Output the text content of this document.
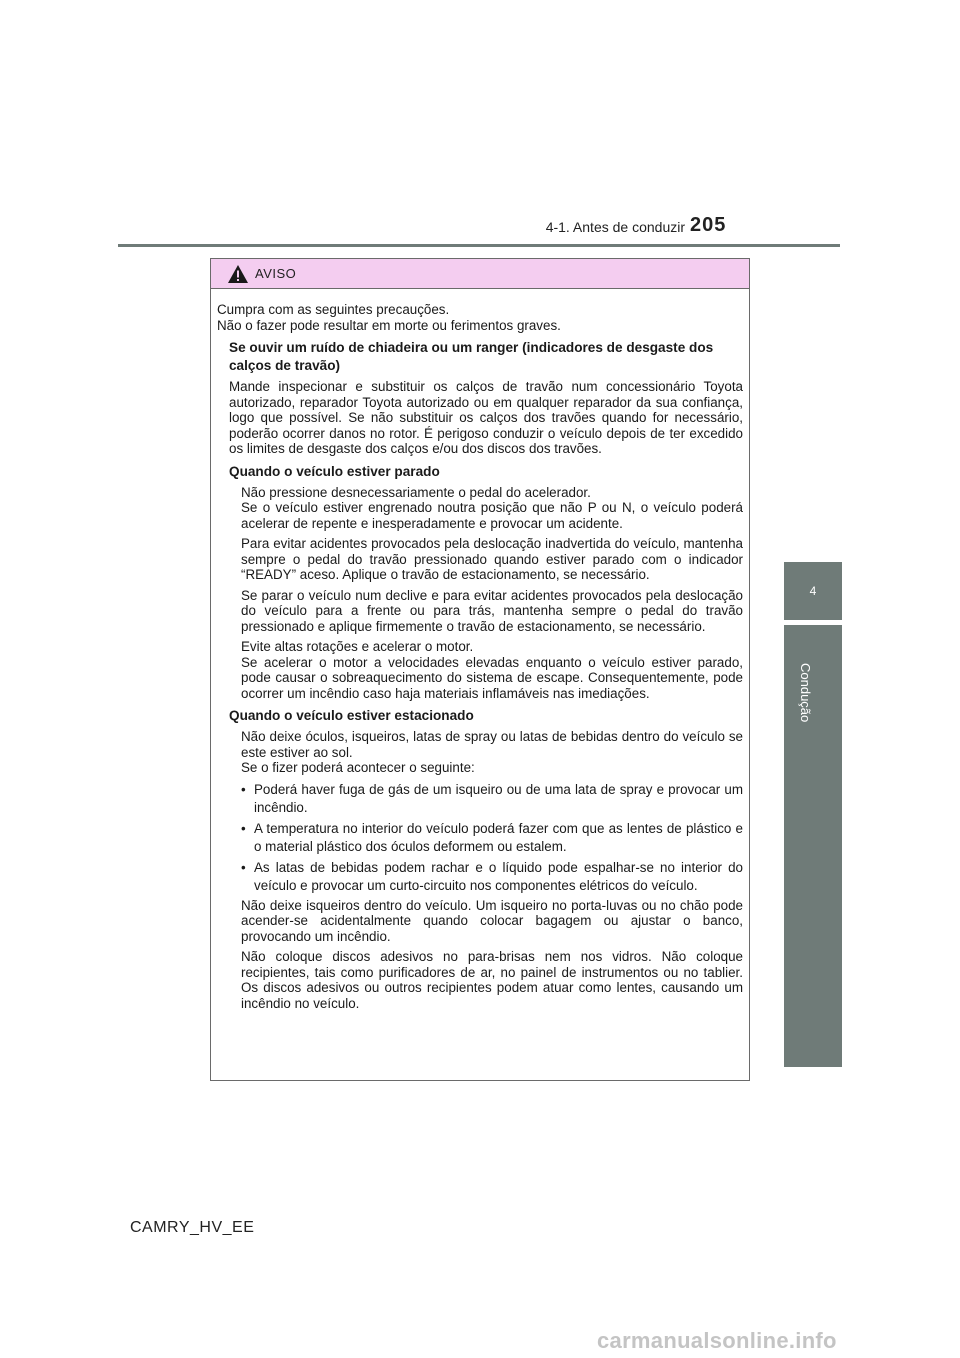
4-1. Antes de conduzir 205
4
Condução
AVISO

Cumpra com as seguintes precauções.

Não o fazer pode resultar em morte ou ferimentos graves.

Se ouvir um ruído de chiadeira ou um ranger (indicadores de desgaste dos calços de travão)
Mande inspecionar e substituir os calços de travão num concessionário Toyota autorizado, reparador Toyota autorizado ou em qualquer reparador da sua confiança, logo que possível. Se não substituir os calços dos travões quando for necessário, poderão ocorrer danos no rotor. É perigoso conduzir o veículo depois de ter excedido os limites de desgaste dos calços e/ou dos discos dos travões.
Quando o veículo estiver parado

Não pressione desnecessariamente o pedal do acelerador.

Se o veículo estiver engrenado noutra posição que não P ou N, o veículo poderá acelerar de repente e inesperadamente e provocar um acidente.

Para evitar acidentes provocados pela deslocação inadvertida do veículo, mantenha sempre o pedal do travão pressionado quando estiver parado com o indicador “READY” aceso. Aplique o travão de estacionamento, se necessário.
Se parar o veículo num declive e para evitar acidentes provocados pela deslocação do veículo para a frente ou para trás, mantenha sempre o pedal do travão pressionado e aplique firmemente o travão de estacionamento, se necessário.

Evite altas rotações e acelerar o motor.

Se acelerar o motor a velocidades elevadas enquanto o veículo estiver parado, pode causar o sobreaquecimento do sistema de escape. Consequentemente, pode ocorrer um incêndio caso haja materiais inflamáveis nas imediações.

Quando o veículo estiver estacionado

Não deixe óculos, isqueiros, latas de spray ou latas de bebidas dentro do veículo se este estiver ao sol.

Se o fizer poderá acontecer o seguinte:

• Poderá haver fuga de gás de um isqueiro ou de uma lata de spray e provocar um incêndio.
• A temperatura no interior do veículo poderá fazer com que as lentes de plástico e o material plástico dos óculos deformem ou estalem.
• As latas de bebidas podem rachar e o líquido pode espalhar-se no interior do veículo e provocar um curto-circuito nos componentes elétricos do veículo.
Não deixe isqueiros dentro do veículo. Um isqueiro no porta-luvas ou no chão pode acender-se acidentalmente quando colocar bagagem ou ajustar o banco, provocando um incêndio.
Não coloque discos adesivos no para-brisas nem nos vidros. Não coloque recipientes, tais como purificadores de ar, no painel de instrumentos ou no tablier. Os discos adesivos ou outros recipientes podem atuar como lentes, causando um incêndio no veículo.
CAMRY_HV_EE
carmanualsonline.info
